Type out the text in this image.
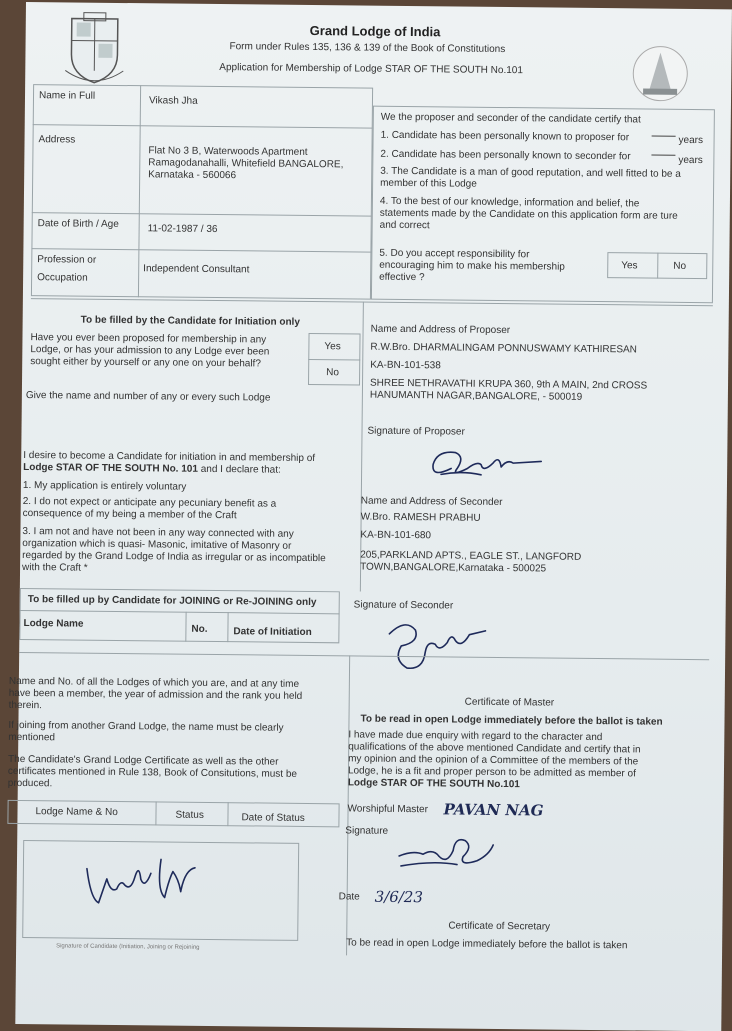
Grand Lodge of India
Form under Rules 135, 136 & 139 of the Book of Constitutions
Application for Membership of Lodge STAR OF THE SOUTH No.101
Name in Full	Vikash Jha
Address
Flat No 3 B, Waterwoods Apartment
Ramagodanahalli, Whitefield BANGALORE,
Karnataka - 560066
Date of Birth / Age	11-02-1987 / 36
Profession or
Occupation
Independent Consultant
We the proposer and seconder of the candidate certify that
1. Candidate has been personally known to proposer for	years
2. Candidate has been personally known to seconder for	years
3. The Candidate is a man of good reputation, and well fitted to be a
member of this Lodge
4. To the best of our knowledge, information and belief, the
statements made by the Candidate on this application form are ture
and correct
5. Do you accept responsibility for
encouraging him to make his membership
effective ?
Yes	No
To be filled by the Candidate for Initiation only
Have you ever been proposed for membership in any
Lodge, or has your admission to any Lodge ever been
sought either by yourself or any one on your behalf?
Yes
No
Give the name and number of any or every such Lodge
I desire to become a Candidate for initiation in and membership of
Lodge STAR OF THE SOUTH No. 101 and I declare that:
1. My application is entirely voluntary
2. I do not expect or anticipate any pecuniary benefit as a
consequence of my being a member of the Craft
3. I am not and have not been in any way connected with any
organization which is quasi- Masonic, imitative of Masonry or
regarded by the Grand Lodge of India as irregular or as incompatible
with the Craft *
Name and Address of Proposer
R.W.Bro. DHARMALINGAM PONNUSWAMY KATHIRESAN
KA-BN-101-538
SHREE NETHRAVATHI KRUPA 360, 9th A MAIN, 2nd CROSS
HANUMANTH NAGAR,BANGALORE, - 500019
Signature of Proposer
Name and Address of Seconder
W.Bro. RAMESH PRABHU
KA-BN-101-680
205,PARKLAND APTS., EAGLE ST., LANGFORD
TOWN,BANGALORE,Karnataka - 500025
Signature of Seconder
To be filled up by Candidate for JOINING or Re-JOINING only
Lodge Name	No.	Date of Initiation
Name and No. of all the Lodges of which you are, and at any time
have been a member, the year of admission and the rank you held
therein.
If joining from another Grand Lodge, the name must be clearly
mentioned
The Candidate's Grand Lodge Certificate as well as the other
certificates mentioned in Rule 138, Book of Consitutions, must be
produced.
Lodge Name & No	Status	Date of Status
Signature of Candidate (Initiation, Joining or Rejoining
Certificate of Master
To be read in open Lodge immediately before the ballot is taken
I have made due enquiry with regard to the character and
qualifications of the above mentioned Candidate and certify that in
my opinion and the opinion of a Committee of the members of the
Lodge, he is a fit and proper person to be admitted as member of
Lodge STAR OF THE SOUTH No.101
Worshipful Master PAVAN NAG
Signature
Date 3/6/23
Certificate of Secretary
To be read in open Lodge immediately before the ballot is taken
